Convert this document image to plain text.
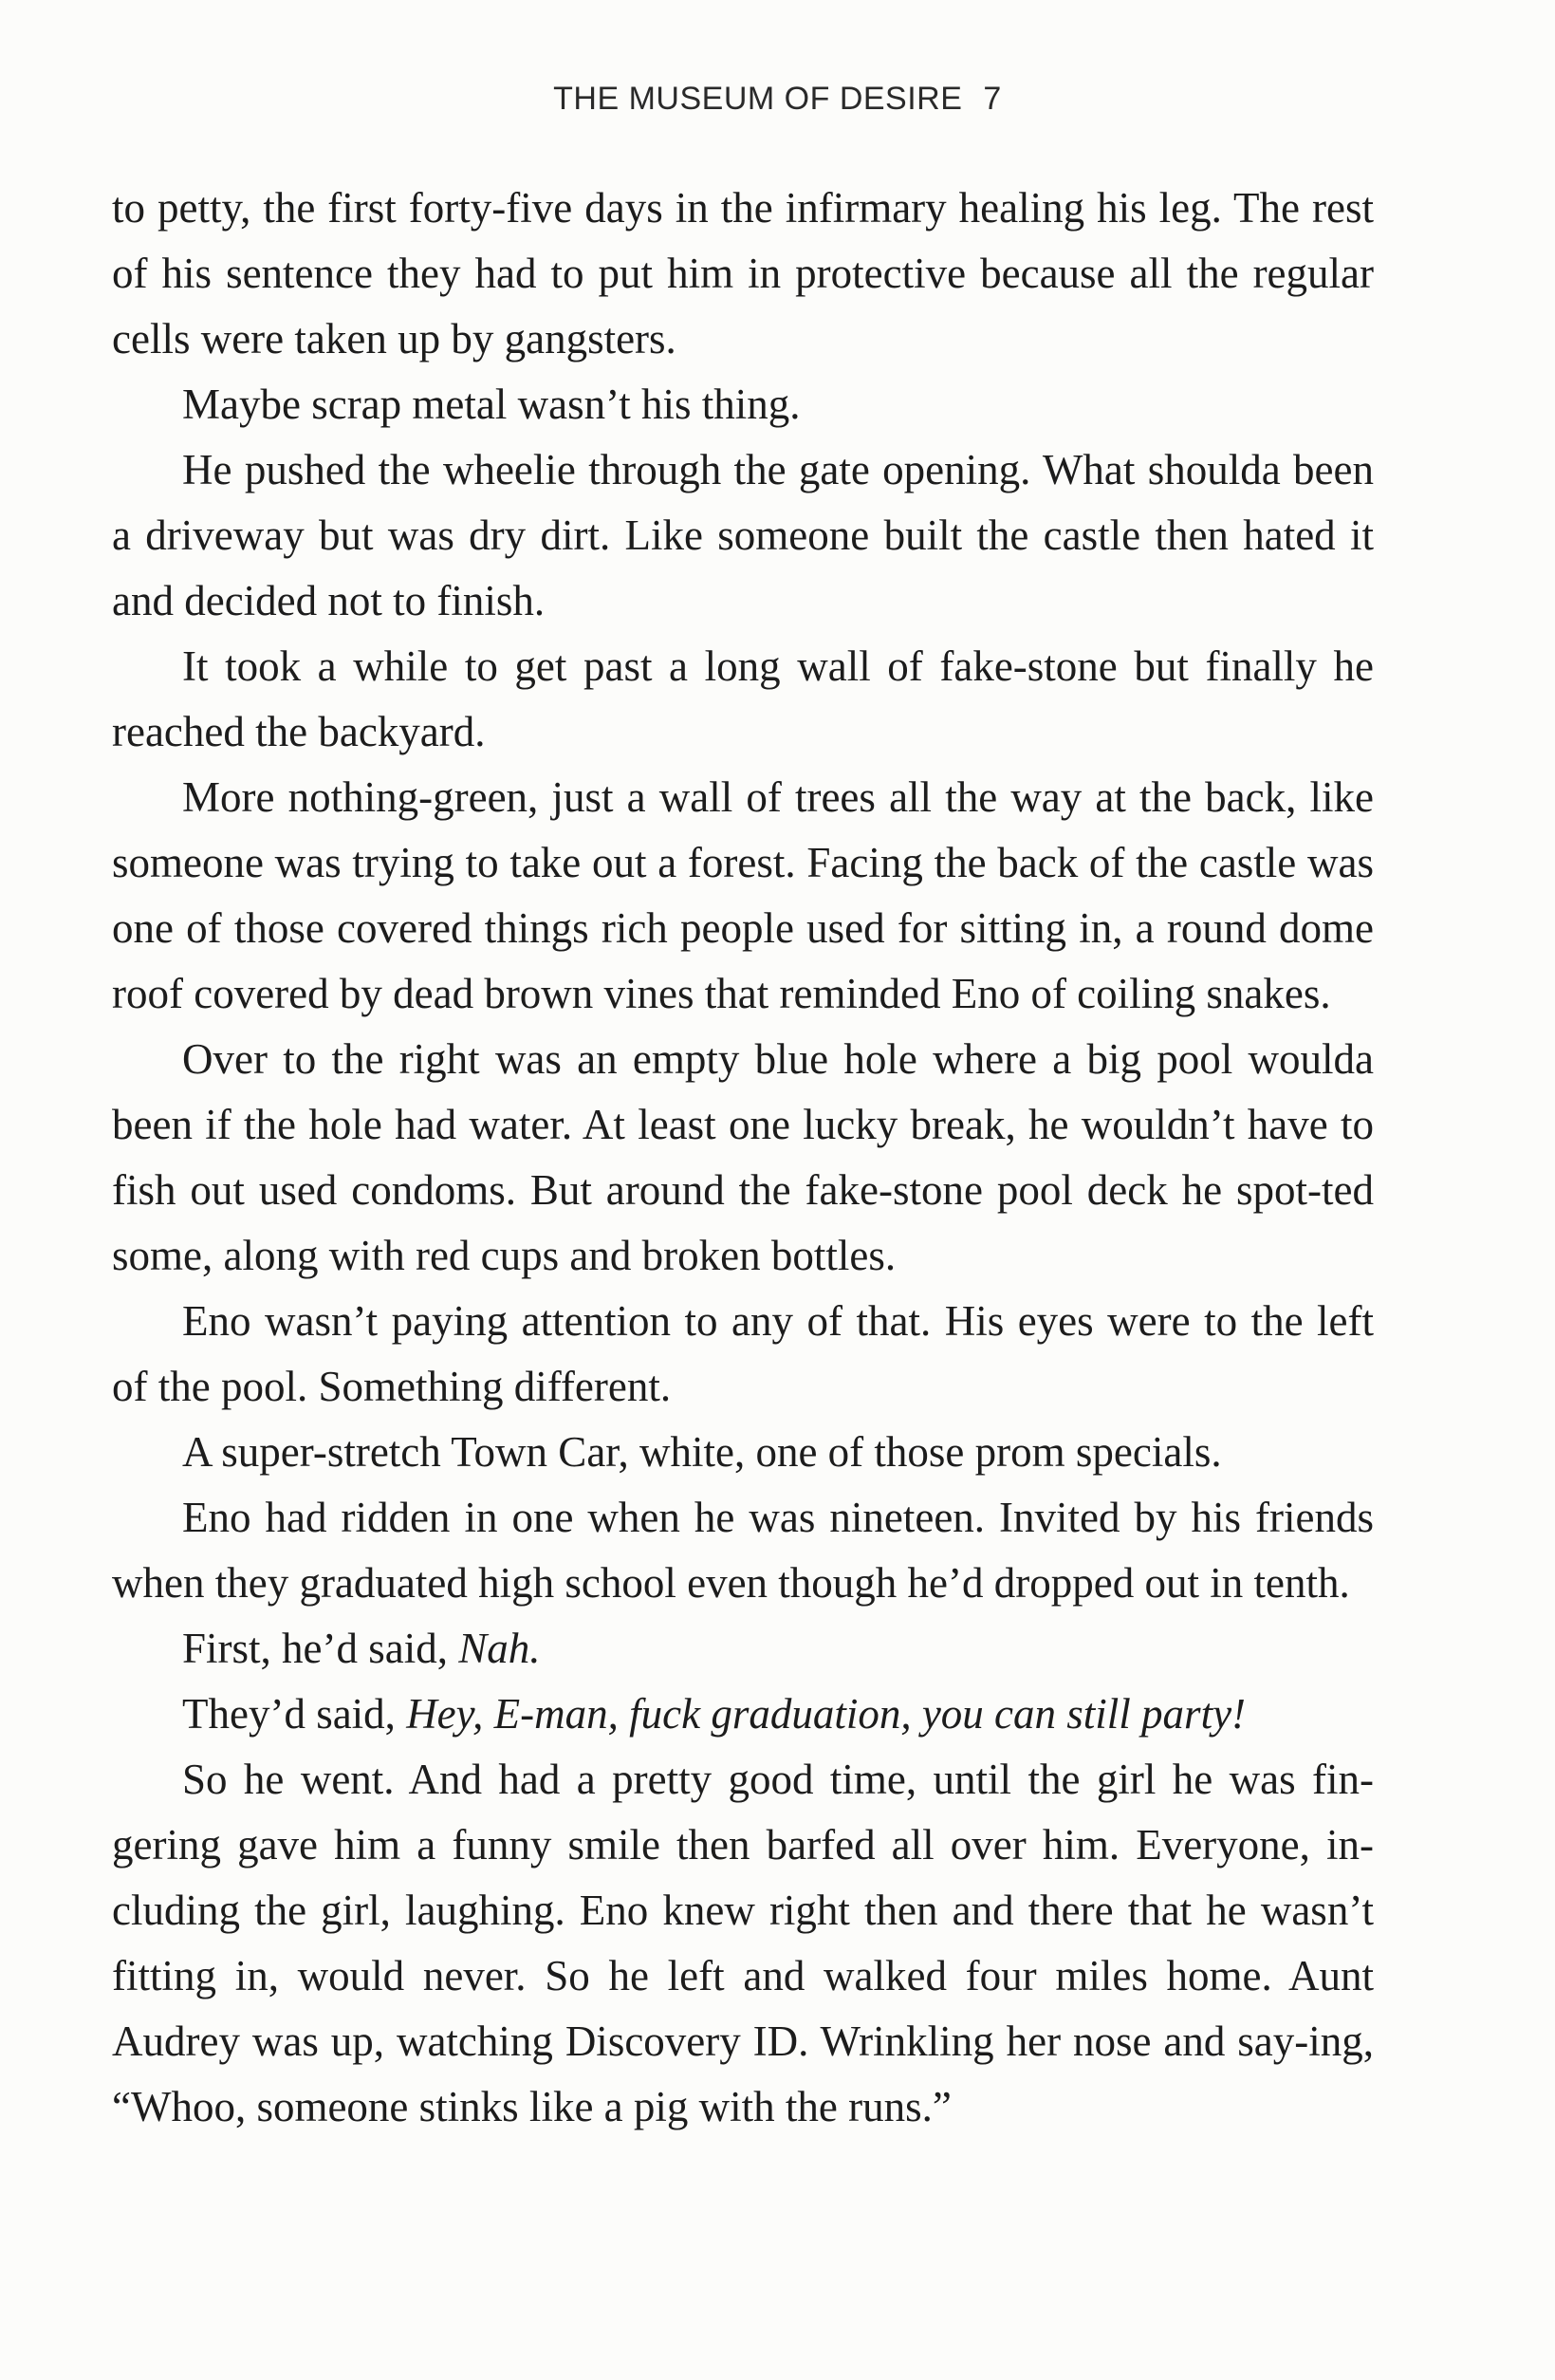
THE MUSEUM OF DESIRE 7

to petty, the first forty-five days in the infirmary healing his leg. The rest of his sentence they had to put him in protective because all the regular cells were taken up by gangsters.

Maybe scrap metal wasn’t his thing.

He pushed the wheelie through the gate opening. What shoulda been a driveway but was dry dirt. Like someone built the castle then hated it and decided not to finish.

It took a while to get past a long wall of fake-stone but finally he reached the backyard.

More nothing-green, just a wall of trees all the way at the back, like someone was trying to take out a forest. Facing the back of the castle was one of those covered things rich people used for sitting in, a round dome roof covered by dead brown vines that reminded Eno of coiling snakes.

Over to the right was an empty blue hole where a big pool woulda been if the hole had water. At least one lucky break, he wouldn’t have to fish out used condoms. But around the fake-stone pool deck he spot-ted some, along with red cups and broken bottles.

Eno wasn’t paying attention to any of that. His eyes were to the left of the pool. Something different.

A super-stretch Town Car, white, one of those prom specials.

Eno had ridden in one when he was nineteen. Invited by his friends when they graduated high school even though he’d dropped out in tenth.

First, he’d said, Nah.

They’d said, Hey, E-man, fuck graduation, you can still party!

So he went. And had a pretty good time, until the girl he was fin-gering gave him a funny smile then barfed all over him. Everyone, in-cluding the girl, laughing. Eno knew right then and there that he wasn’t fitting in, would never. So he left and walked four miles home. Aunt Audrey was up, watching Discovery ID. Wrinkling her nose and say-ing, “Whoo, someone stinks like a pig with the runs.”
